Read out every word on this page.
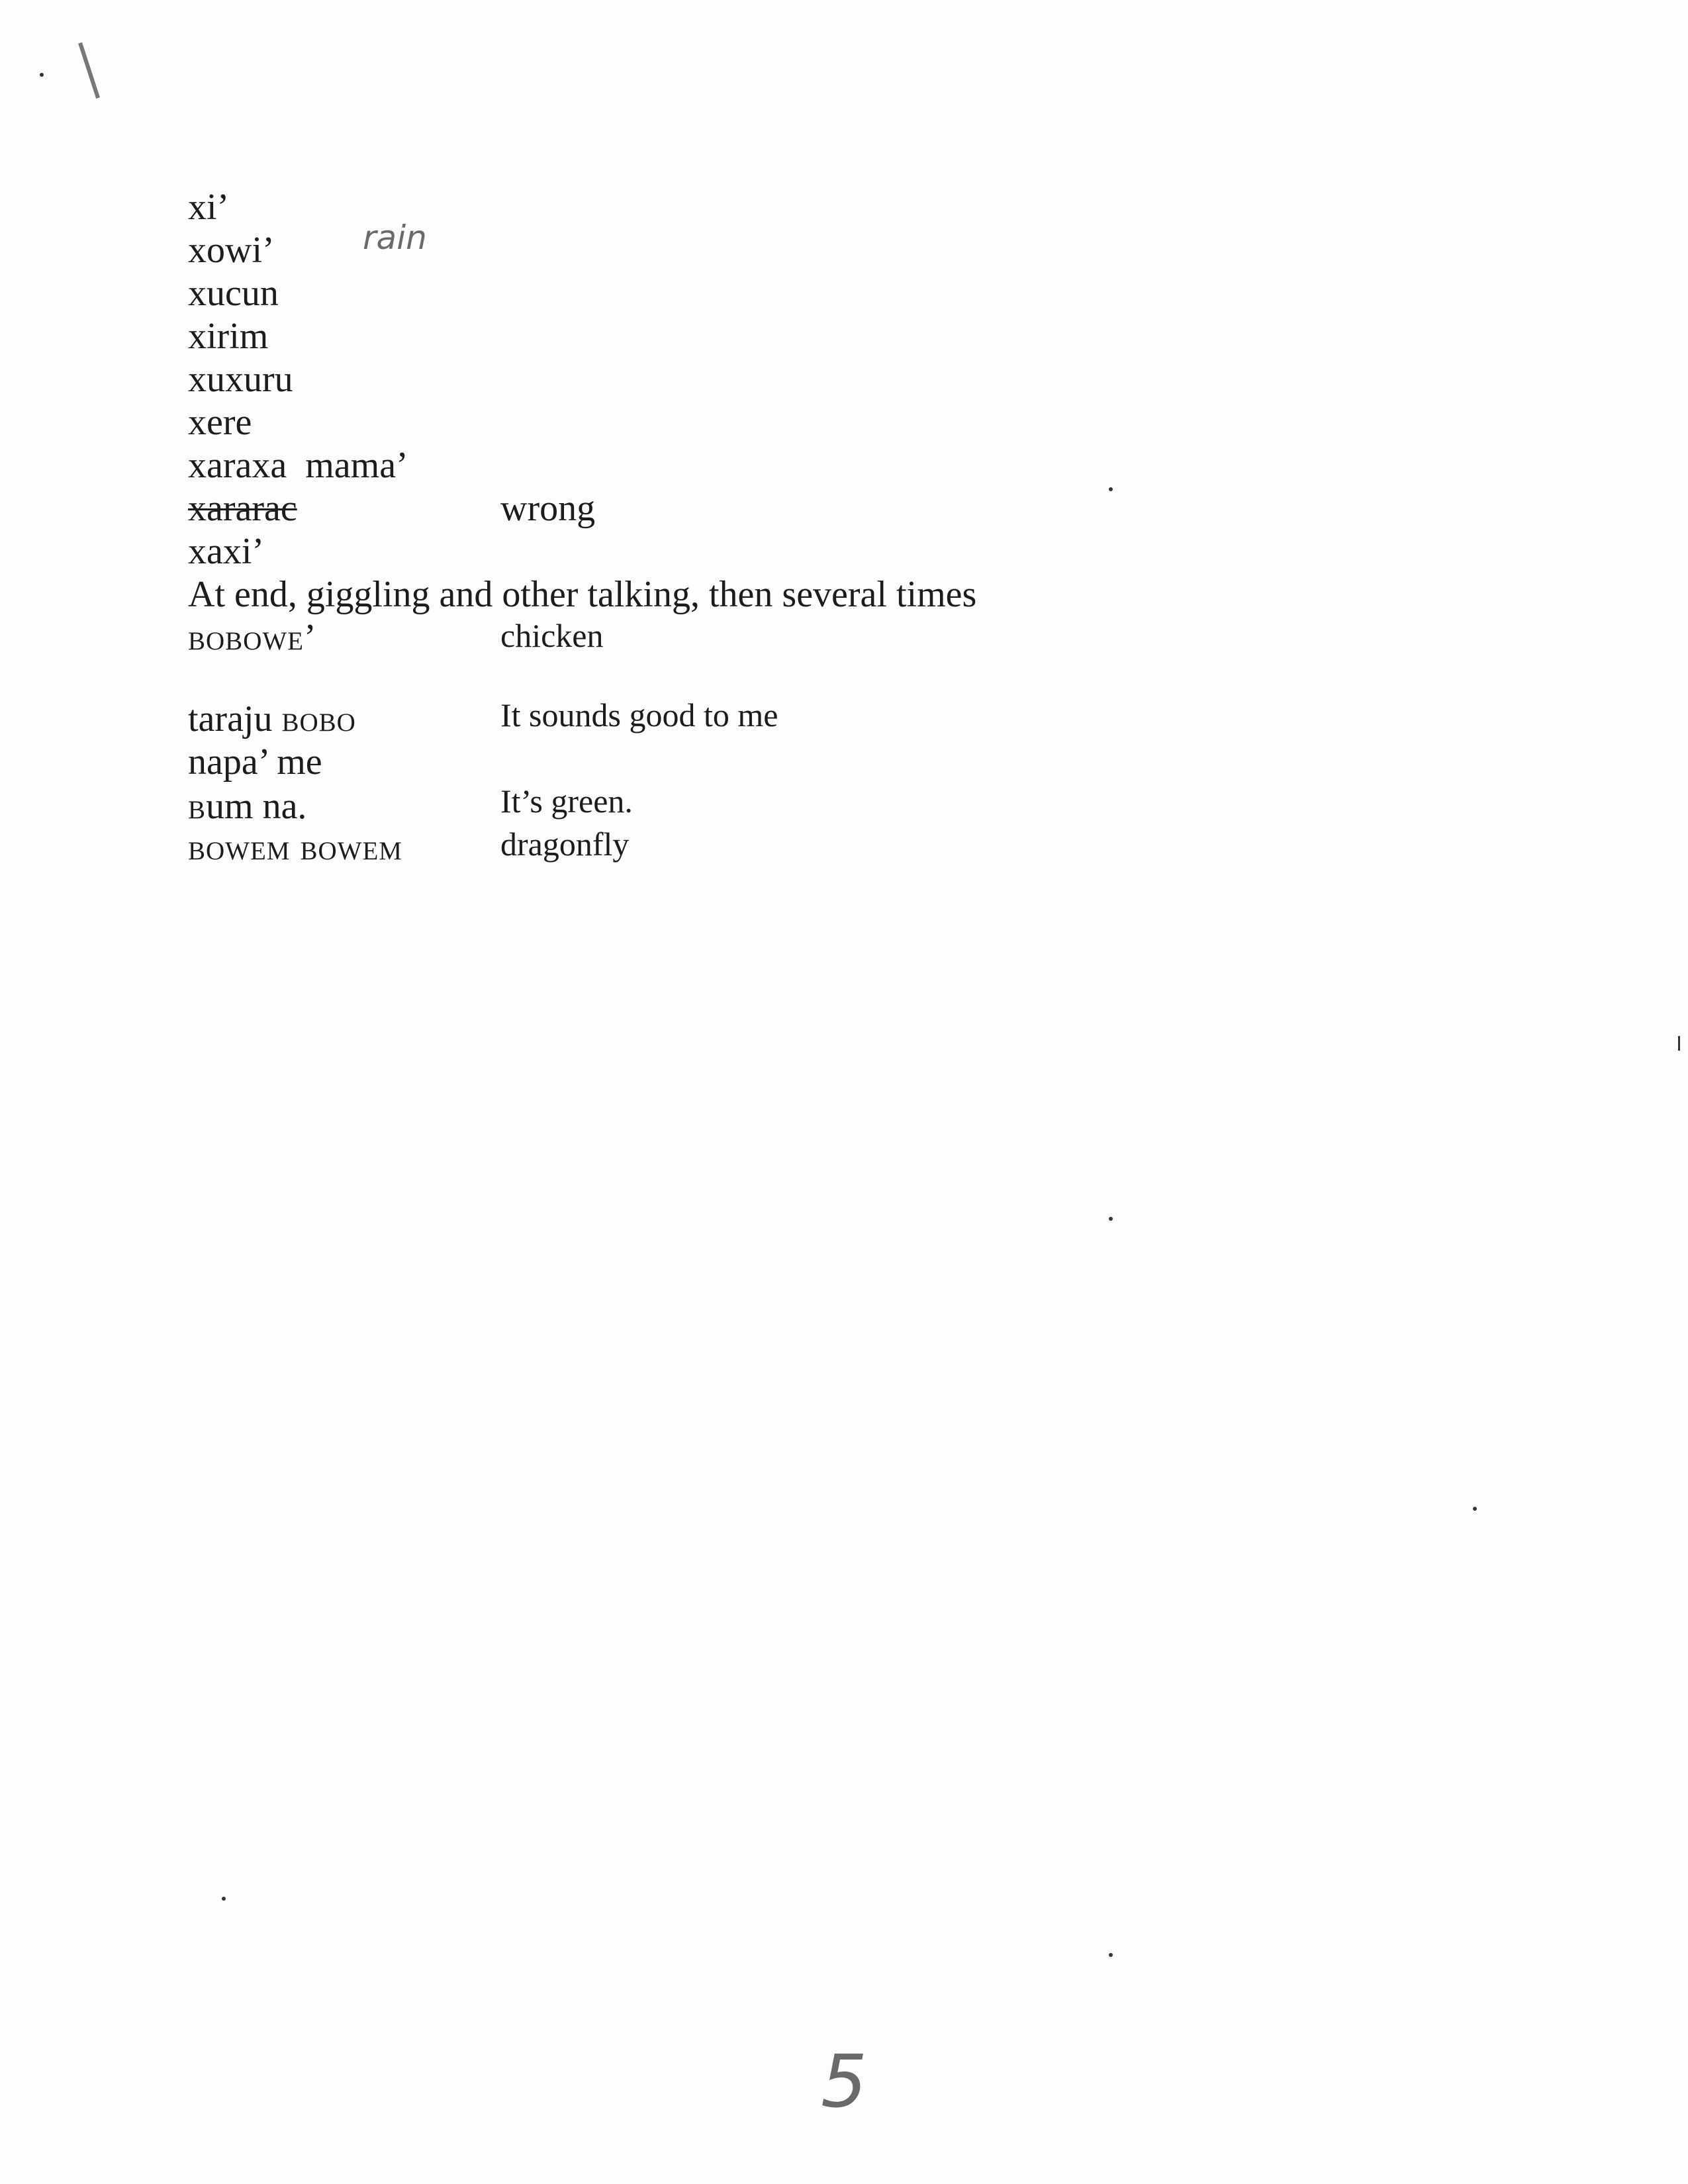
I
xi’
xowi’	rain
xucun
xirim
xuxuru
xere
xaraxa  mama’
xararac	wrong
xaxi’
At end, giggling and other talking, then several times
bobowe’	chicken
taraju bobo	It sounds good to me
napa’ me
bum na.	It’s green.
bowem bowem	dragonfly
5
